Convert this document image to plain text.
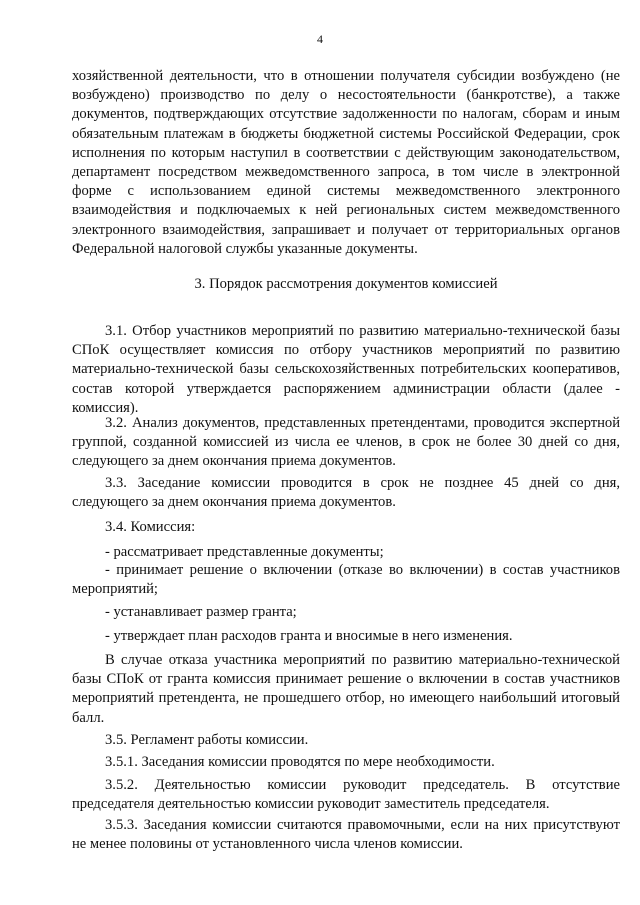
4

хозяйственной деятельности, что в отношении получателя субсидии возбуждено (не возбуждено) производство по делу о несостоятельности (банкротстве), а также документов, подтверждающих отсутствие задолженности по налогам, сборам и иным обязательным платежам в бюджеты бюджетной системы Российской Федерации, срок исполнения по которым наступил в соответствии с действующим законодательством, департамент посредством межведомственного запроса, в том числе в электронной форме с использованием единой системы межведомственного электронного взаимодействия и подключаемых к ней региональных систем межведомственного электронного взаимодействия, запрашивает и получает от территориальных органов Федеральной налоговой службы указанные документы.

3. Порядок рассмотрения документов комиссией

3.1. Отбор участников мероприятий по развитию материально-технической базы СПоК осуществляет комиссия по отбору участников мероприятий по развитию материально-технической базы сельскохозяйственных потребительских кооперативов, состав которой утверждается распоряжением администрации области (далее - комиссия).

3.2. Анализ документов, представленных претендентами, проводится экспертной группой, созданной комиссией из числа ее членов, в срок не более 30 дней со дня, следующего за днем окончания приема документов.

3.3. Заседание комиссии проводится в срок не позднее 45 дней со дня, следующего за днем окончания приема документов.

3.4. Комиссия:

- рассматривает представленные документы;

- принимает решение о включении (отказе во включении) в состав участников мероприятий;

- устанавливает размер гранта;

- утверждает план расходов гранта и вносимые в него изменения.

В случае отказа участника мероприятий по развитию материально-технической базы СПоК от гранта комиссия принимает решение о включении в состав участников мероприятий претендента, не прошедшего отбор, но имеющего наибольший итоговый балл.

3.5. Регламент работы комиссии.

3.5.1. Заседания комиссии проводятся по мере необходимости.

3.5.2. Деятельностью комиссии руководит председатель. В отсутствие председателя деятельностью комиссии руководит заместитель председателя.

3.5.3. Заседания комиссии считаются правомочными, если на них присутствуют не менее половины от установленного числа членов комиссии.
